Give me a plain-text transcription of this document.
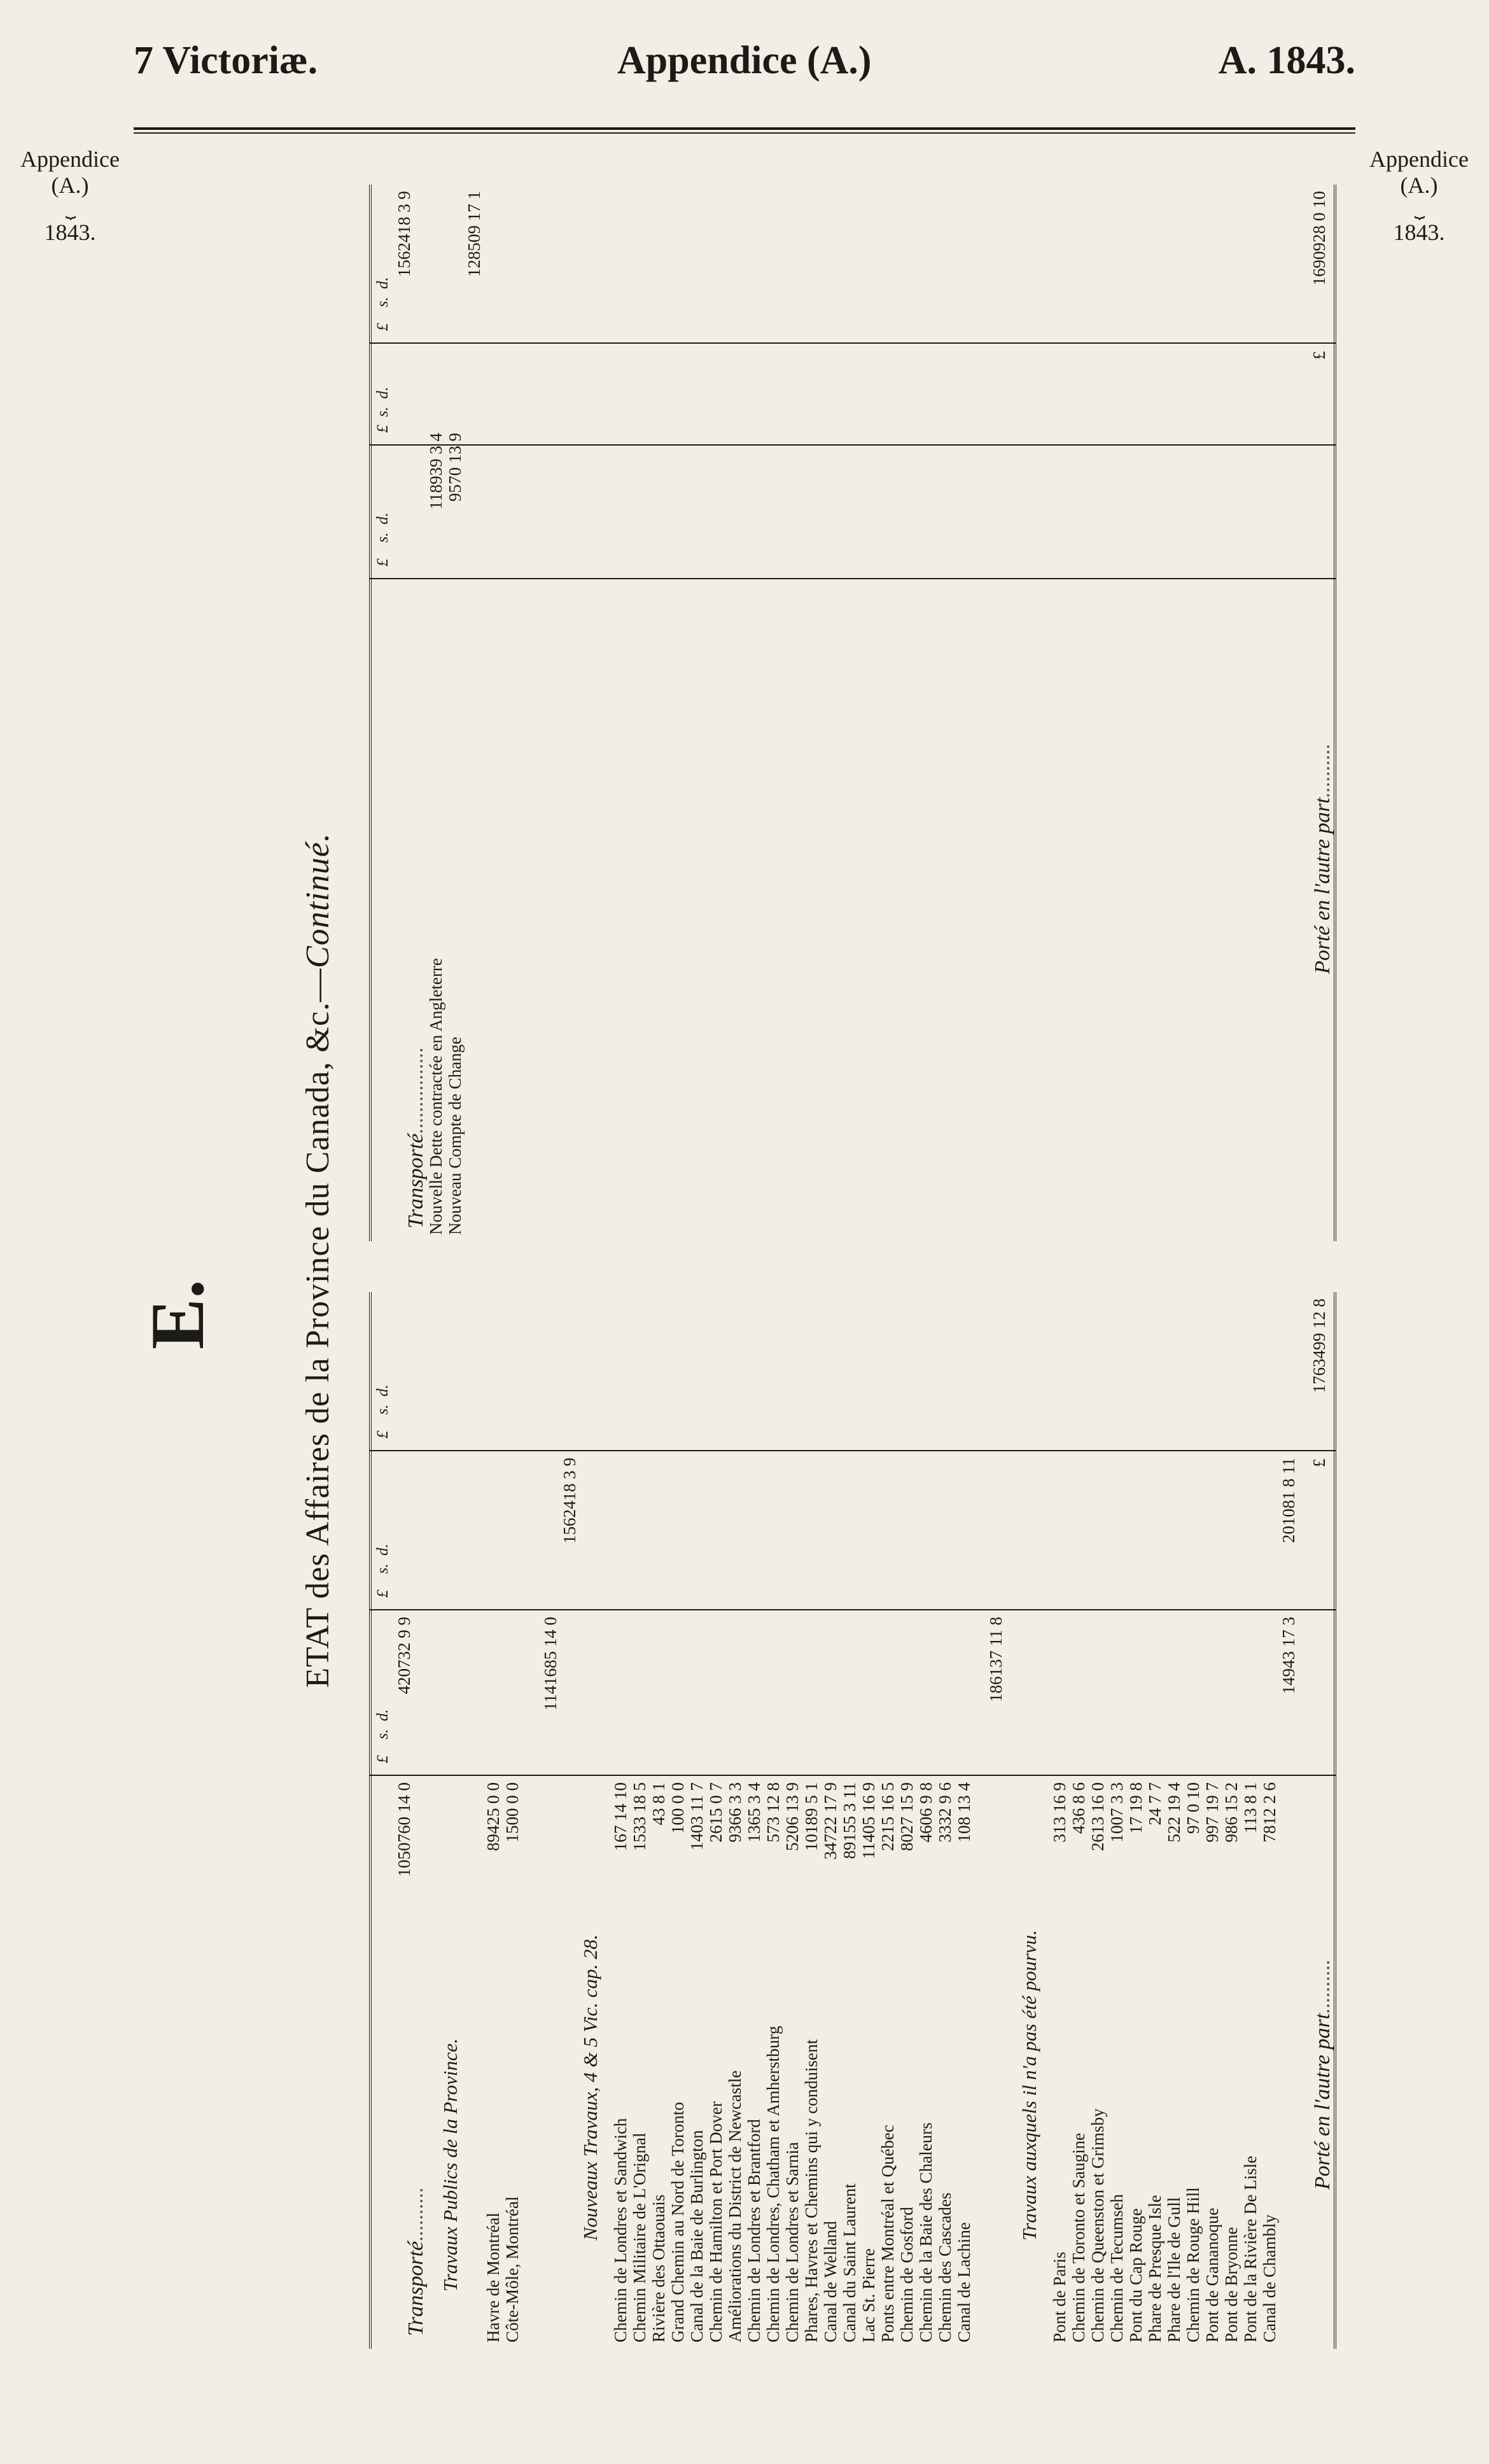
7 Victoriæ.	Appendice (A.)	A. 1843.
Appendice
(A.)
⏟
1843.
Appendice
(A.)
⏟
1843.
E. ETAT des Affaires de la Province du Canada, &c.—Continué.
£    s.  d.
£    s.  d.
£    s.  d.
Transporté..........
1050760 14 0
420732 9 9
Travaux Publics de la Province. Havre de Montréal
89425 0 0
Côte-Môle, Montréal
1500 0 0
1141685 14 0
1562418 3 9
Nouveaux Travaux, 4 & 5 Vic. cap. 28. Chemin de Londres et Sandwich
167 14 10
Chemin Militaire de L'Orignal
1533 18 5
Rivière des Ottaouais
43 8 1
Grand Chemin au Nord de Toronto
100 0 0
Canal de la Baie de Burlington
1403 11 7
Chemin de Hamilton et Port Dover
2615 0 7
Améliorations du District de Newcastle
9366 3 3
Chemin de Londres et Brantford
1365 3 4
Chemin de Londres, Chatham et Amherstburg
573 12 8
Chemin de Londres et Sarnia
5206 13 9
Phares, Havres et Chemins qui y conduisent
10189 5 1
Canal de Welland
34722 17 9
Canal du Saint Laurent
89155 3 11
Lac St. Pierre
11405 16 9
Ponts entre Montréal et Québec
2215 16 5
Chemin de Gosford
8027 15 9
Chemin de la Baie des Chaleurs
4606 9 8
Chemin des Cascades
3332 9 6
Canal de Lachine
108 13 4
186137 11 8
Travaux auxquels il n'a pas été pourvu.
Pont de Paris
313 16 9
Chemin de Toronto et Saugine
436 8 6
Chemin de Queenston et Grimsby
2613 16 0
Chemin de Tecumseh
1007 3 3
Pont du Cap Rouge
17 19 8
Phare de Presque Isle
24 7 7
Phare de l'Ile de Gull
522 19 4
Chemin de Rouge Hill
97 0 10
Pont de Gananoque
997 19 7
Pont de Bryonne
986 15 2
Pont de la Rivière De Lisle
113 8 1
Canal de Chambly
7812 2 6
14943 17 3
201081 8 11
Porté en l'autre part..........
£
1763499 12 8
£    s.  d.
£  s.  d.
£    s.  d.
Transporté................
1562418 3 9
Nouvelle Dette contractée en Angleterre
118939 3 4
Nouveau Compte de Change
9570 13 9
128509 17 1
Porté en l'autre part..........
£
1690928 0 10
